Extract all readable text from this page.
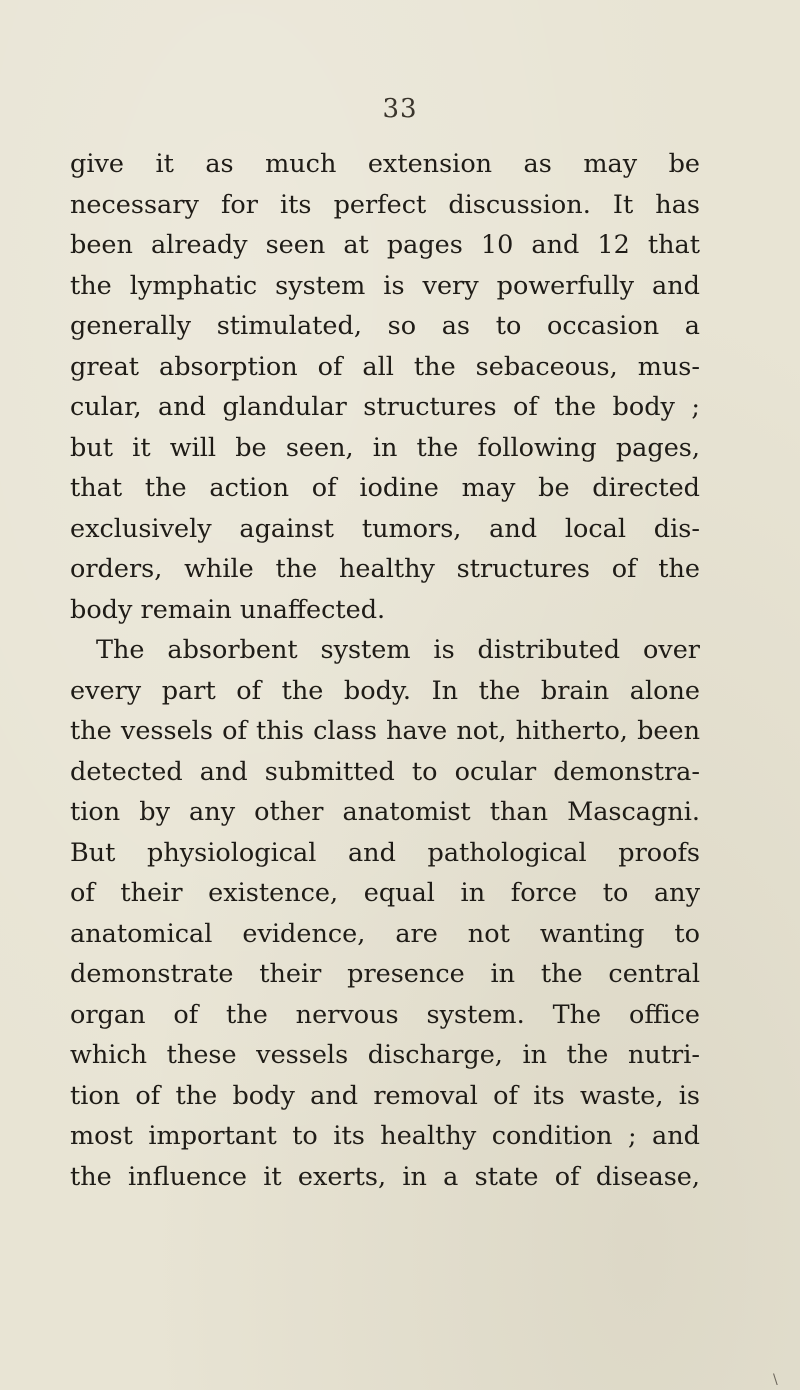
33
give it as much extension as may be
necessary for its perfect discussion. It has
been already seen at pages 10 and 12 that
the lymphatic system is very powerfully and
generally stimulated, so as to occasion a
great absorption of all the sebaceous, mus-
cular, and glandular structures of the body ;
but it will be seen, in the following pages,
that the action of iodine may be directed
exclusively against tumors, and local dis-
orders, while the healthy structures of the
body remain unaffected.
The absorbent system is distributed over
every part of the body. In the brain alone
the vessels of this class have not, hitherto, been
detected and submitted to ocular demonstra-
tion by any other anatomist than Mascagni.
But physiological and pathological proofs
of their existence, equal in force to any
anatomical evidence, are not wanting to
demonstrate their presence in the central
organ of the nervous system. The office
which these vessels discharge, in the nutri-
tion of the body and removal of its waste, is
most important to its healthy condition ; and
the influence it exerts, in a state of disease,
\
